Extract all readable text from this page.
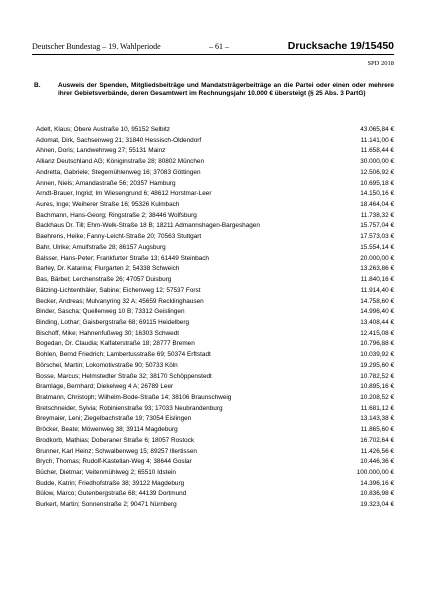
Deutscher Bundestag – 19. Wahlperiode	– 61 –	Drucksache 19/15450
SPD 2018
B.	Ausweis der Spenden, Mitgliedsbeiträge und Mandatsträgerbeiträge an die Partei oder einen oder mehrere ihrer Gebietsverbände, deren Gesamtwert im Rechnungsjahr 10.000 € übersteigt (§ 25 Abs. 3 PartG)
Adelt, Klaus; Obere Austraße 10, 95152 Selbitz	43.065,84 €
Adomat, Dirk, Sachsenweg 21; 31840 Hessisch-Oldendorf	11.141,00 €
Ahnen, Doris; Landwehrweg 27; 55131 Mainz	11.658,44 €
Allianz Deutschland AG; Königinstraße 28; 80802 München	30.000,00 €
Andretta, Gabriele; Stegemühlenweg 16; 37083 Göttingen	12.506,92 €
Annen, Niels; Amandastraße 56; 20357 Hamburg	10.695,18 €
Arndt-Brauer, Ingrid; Im Wiesengrund 6; 48612 Horstmar-Leer	14.150,16 €
Aures, Inge; Weiherer Straße 16; 95326 Kulmbach	18.464,04 €
Bachmann, Hans-Georg; Ringstraße 2; 38446 Wolfsburg	11.738,32 €
Backhaus Dr. Till; Ehm-Welk-Straße 18 B; 18211 Admannshagen-Bargeshagen	15.757,04 €
Baehrens, Heike; Fanny-Leicht-Straße 20; 70563 Stuttgart	17.573,03 €
Bahr, Ulrike; Amulfstraße 28; 86157 Augsburg	15.554,14 €
Balsser, Hans-Peter; Frankfurter Straße 13; 61449 Steinbach	20.000,00 €
Barley, Dr. Katarina; Flurgarten 2; 54338 Schweich	13.263,86 €
Bas, Bärbel; Lerchenstraße 26; 47057 Duisburg	11.840,16 €
Bätzing-Lichtenthäler, Sabine; Eichenweg 12; 57537 Forst	11.914,40 €
Becker, Andreas; Mulvanyring 32 A; 45659 Recklinghausen	14.758,60 €
Binder, Sascha; Quellenweg 10 B; 73312 Geislingen	14.996,40 €
Binding, Lothar; Gaisbergstraße 68; 69115 Heidelberg	13.408,44 €
Bischoff, Mike; Hahnenfußweg 30; 16303 Schwedt	12.415,08 €
Bogedan, Dr. Claudia; Kalfaterstraße 18; 28777 Bremen	10.796,88 €
Bohlen, Bernd Friedrich; Lambertusstraße 69; 50374 Erftstadt	10.039,92 €
Börschel, Martin; Lokomotivstraße 90; 50733 Köln	19.295,60 €
Bosse, Marcus; Helmstedter Straße 32; 38170 Schöppenstedt	10.782,52 €
Bramlage, Bernhard; Diekelweg 4 A; 26789 Leer	10.895,16 €
Bratmann, Christoph; Wilhelm-Bode-Straße 14; 38106 Braunschweig	10.208,52 €
Bretschneider, Sylvia; Robinienstraße 93; 17033 Neubrandenburg	11.681,12 €
Breymaier, Leni; Ziegelbachstraße 19; 73054 Eislingen	13.143,38 €
Bröcker, Beate; Möwenweg 38; 39114 Magdeburg	11.865,60 €
Brodkorb, Mathias; Doberaner Straße 6; 18057 Rostock	16.702,64 €
Brunner, Karl Heinz; Schwalbenweg 15; 89257 Illertissen	11.426,56 €
Brych, Thomas; Rudolf-Kastellan-Weg 4; 38644 Goslar	10.446,36 €
Bücher, Dietmar; Veitenmühlweg 2; 65510 Idstein	100.000,00 €
Budde, Katrin; Friedhofstraße 38; 39122 Magdeburg	14.396,16 €
Bülow, Marco; Gutenbergstraße 68; 44139 Dortmund	10.836,98 €
Burkert, Martin; Sonnenstraße 2; 90471 Nürnberg	19.323,04 €
